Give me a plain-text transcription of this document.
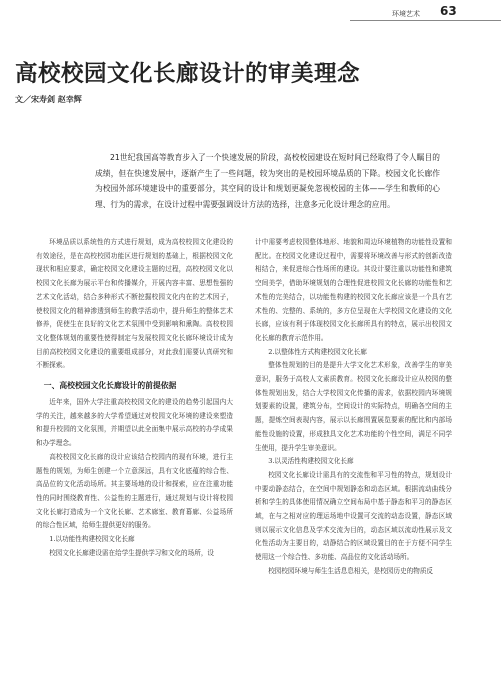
环境艺术 63
高校校园文化长廊设计的审美理念
文／宋寿剑 赵幸辉
21世纪我国高等教育步入了一个快速发展的阶段，高校校园建设在短时间已经取得了令人瞩目的成绩，但在快速发展中，逐渐产生了一些问题，较为突出的是校园环境品质的下降。校园文化长廊作为校园外部环境建设中的重要部分，其空间的设计和规划更凝免忽视校园的主体——学生和教师的心理、行为的需求，在设计过程中需要强调设计方法的选择，注意多元化设计理念的应用。

环境品质以系统性的方式进行规划，成为高校校园文化建设的有效途径，是在高校校园功能区进行规划的基础上，根据校园文化现状和相应要求，确定校园文化建设主题的过程，高校校园文化以校园文化长廊为展示平台和传播媒介，开展内容丰富、思想性强的艺术文化活动，结合多种形式不断挖掘校园文化内在的艺术因子，使校园文化的精神渗透到师生的教学活动中，提升师生的整体艺术修养，促使生在良好的文化艺术氛围中受到影响和熏陶。高校校园文化整体规划的重要性使得制定与发展校园文化长廊环境设计成为目前高校校园文化建设的重要组成部分，对此我们需要认真研究和不断探索。

一、高校校园文化长廊设计的前提依据

近年来，国外大学注重高校校园文化的建设的趋势引起国内大学的关注，越来越多的大学希望通过对校园文化环境的建设来塑造和提升校园的文化氛围，并期望以此全面集中展示高校的办学成果和办学理念。

高校校园文化长廊的设计应该结合校园内的现有环境，进行主题性的规划，为师生创建一个立意深远，具有文化底蕴的综合性、高品位的文化活动场所。其主要场地的设计和探索，应在注重功能性的同时围绕教育性、公益性的主题进行，通过规划与设计将校园文化长廊打造成为一个文化长廊、艺术廊室、教育幕廊、公益场所的综合性区域，给师生提供更好的服务。

1.以功能性构建校园文化长廊

校园文化长廊建设需在给学生提供学习和文化的场所，设

计中需要考虑校园整体地形、地貌和周边环境植物的功能性设置和配比。在校园文化建设过程中，需要将环境改善与形式的创新改造相结合，来促进综合性场所的建设。其设计要注重以功能性和建筑空间美学，借助环境规划的合理性促进校园文化长廊的功能性和艺术性的完美结合，以功能性构建的校园文化长廊应该是一个具有艺术性的、完整的、系统的，多方位呈现在大学校园文化建设的文化长廊，应该有利于体现校园文化长廊所具有的特点，展示出校园文化长廊的教育示范作用。

2.以整体性方式构建校园文化长廊

整体性规划的目的是提升大学文化艺术形象，改善学生的审美意识，服务于高校人文素质教育。校园文化长廊设计应从校园的整体性规划出发，结合大学校园文化传播的需求，依据校园内环境规划要素的设置，建筑分布，空间设计的实际特点，明确各空间的主题，提炼空间表现内容，展示以长廊围置展览要素的配比和内部场能性设施的设置，形成独具文化艺术功能的个性空间，满足不同学生使用，提升学生审美意识。

3.以灵活性构建校园文化长廊

校园文化长廊设计需具有的交流性和平习性的特点，规划设计中要动静态结合，在空间中规划静态和动态区域。根据流动曲线分析和学生的具体使用情况确立空间布局中基于静态和平习的静态区域，在与之相对应的理运场地中设置可交流的动态设置，静态区域则以展示文化信息及学术交流为目的，动态区域以流动性展示及文化性活动为主要目的，动静结合的区域设置目的在于方便不同学生使用这一个综合性、多功能、高品位的文化活动场所。

校园校园环境与师生生活息息相关，是校园历史的物质反
